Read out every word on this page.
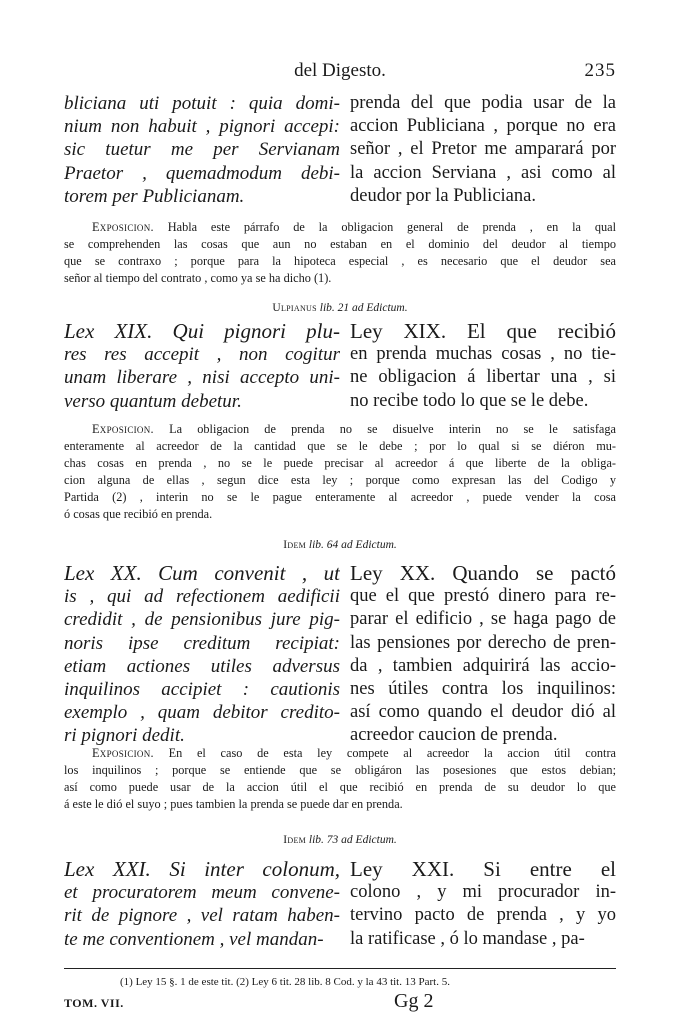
del Digesto.	235
bliciana uti potuit : quia domi-
nium non habuit , pignori accepi:
sic tuetur me per Servianam
Praetor , quemadmodum debi-
torem per Publicianam.
prenda del que podia usar de la
accion Publiciana , porque no era
señor , el Pretor me amparará por
la accion Serviana , asi como al
deudor por la Publiciana.
Lex XIX. Qui pignori plu-
res res accepit , non cogitur
unam liberare , nisi accepto uni-
verso quantum debetur.
Ley XIX. El que recibió
en prenda muchas cosas , no tie-
ne obligacion á libertar una , si
no recibe todo lo que se le debe.
Lex XX. Cum convenit , ut
is , qui ad refectionem aedificii
credidit , de pensionibus jure pig-
noris ipse creditum recipiat:
etiam actiones utiles adversus
inquilinos accipiet : cautionis
exemplo , quam debitor credito-
ri pignori dedit.
Ley XX. Quando se pactó
que el que prestó dinero para re-
parar el edificio , se haga pago de
las pensiones por derecho de pren-
da , tambien adquirirá las accio-
nes útiles contra los inquilinos:
así como quando el deudor dió al
acreedor caucion de prenda.
Lex XXI. Si inter colonum,
et procuratorem meum convene-
rit de pignore , vel ratam haben-
te me conventionem , vel mandan-
Ley XXI. Si entre el
colono , y mi procurador in-
tervino pacto de prenda , y yo
la ratificase , ó lo mandase , pa-
Exposicion. Habla este párrafo de la obligacion general de prenda , en la qual
se comprehenden las cosas que aun no estaban en el dominio del deudor al tiempo
que se contraxo ; porque para la hipoteca especial , es necesario que el deudor sea
señor al tiempo del contrato , como ya se ha dicho (1).
Exposicion. La obligacion de prenda no se disuelve interin no se le satisfaga
enteramente al acreedor de la cantidad que se le debe ; por lo qual si se diéron mu-
chas cosas en prenda , no se le puede precisar al acreedor á que liberte de la obliga-
cion alguna de ellas , segun dice esta ley ; porque como expresan las del Codigo y
Partida (2) , interin no se le pague enteramente al acreedor , puede vender la cosa
ó cosas que recibió en prenda.
Exposicion. En el caso de esta ley compete al acreedor la accion útil contra
los inquilinos ; porque se entiende que se obligáron las posesiones que estos debian;
así como puede usar de la accion útil el que recibió en prenda de su deudor lo que
á este le dió el suyo ; pues tambien la prenda se puede dar en prenda.
Ulpianus lib. 21 ad Edictum.
Idem lib. 64 ad Edictum.
Idem lib. 73 ad Edictum.
(1) Ley 15 §. 1 de este tit. (2) Ley 6 tit. 28 lib. 8 Cod. y la 43 tit. 13 Part. 5.
TOM. VII.	Gg 2
